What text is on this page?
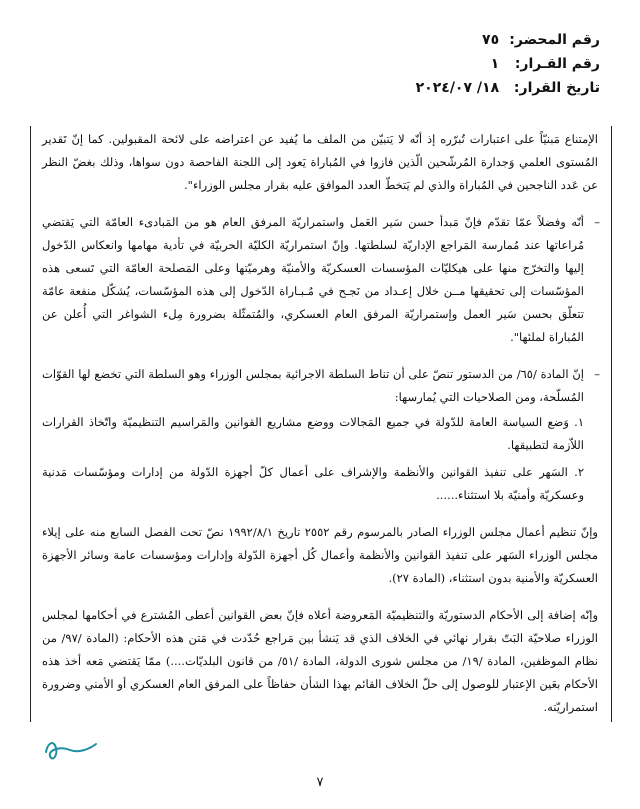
رقم المحضر: ٧٥
رقم القـرار: ١
تاريخ القرار: ١٨/ ٢٠٢٤/٠٧

الإمتناع مَبنيّاً على اعتبارات تُبرّره إذ أنّه لا يَتبيّن من الملف ما يُفيد عن اعتراضه على لائحة المقبولين. كما إنّ تَقدير المُستوى العلمي وَجدارة المُرشّحين الّذين فازوا في المُباراة يَعود إلى اللجنة الفاحصة دون سواها، وذلك بغضّ النظر عن عَدد الناجحين في المُباراة والذي لم يَتخطّ العدد الموافق عليه بقرار مجلس الوزراء".

– أنّه وفضلاً عمّا تقدّم فإنّ مَبدأ حسن سَير العَمل واستمراريّة المرفق العام هو من المَبادىء العامّة التي يَقتضي مُراعاتها عند مُمارسة المَراجع الإداريّة لسلطتها. وإنّ استمراريّة الكليّة الحربيّة في تأدية مهامها وانعكاس الدّخول إليها والتخرّج منها على هيكليّات المؤسسات العسكريّة والأمنيّة وهرميّتها وعلى المَصلحة العامّة التي تَسعى هذه المؤسّسات إلى تحقيقها مــن خلال إعـداد من نَجـح في مُـبـاراة الدّخول إلى هذه المؤسّسات، يُشكّل منفعة عامّة تتعلّق بحسن سَير العمل وإستمراريّة المرفق العام العسكري، والمُتمثّلة بضرورة مِلء الشواغر التي أُعلن عن المُباراة لملئها".

– إنّ المادة /٦٥/ من الدستور تنصّ على أن تناط السلطة الاجرائية بمجلس الوزراء وهو السلطة التي تخضع لها القوّات المُسلّحة، ومن الصلاحيات التي يُمارسها:

١. وَضع السياسة العامة للدّولة في جميع المَجالات ووضع مشاريع القوانين والمَراسيم التنظيميّة واتّخاذ القرارات اللاّزمة لتطبيقها.

٢. السَهر على تنفيذ القوانين والأنظمة والإشراف على أعمال كلّ أجهزة الدّولة من إدارات ومؤسّسات مَدنية وعسكريّة وأمنيّة بلا استثناء......

وإنّ تنظيم أعمال مجلس الوزراء الصادر بالمرسوم رقم ٢٥٥٢ تاريخ ١٩٩٢/٨/١ نصّ تحت الفصل السابع منه على إيلاء مجلس الوزراء السَهر على تنفيذ القوانين والأنظمة وأعمال كُل أجهزة الدّولة وإدارات ومؤسسات عامة وسائر الأجهزة العسكريّة والأمنية بدون استثناء، (المادة ٢٧).

وإنّه إضافة إلى الأحكام الدستوريّة والتنظيميّة المَعروضة أعلاه فإنّ بعض القوانين أعطى المُشترع في أحكامها لمجلس الوزراء صلاحيّة البَتّ بقرار نهائي في الخلاف الذي قد يَنشأ بين مَراجع حُدّدت في مَتن هذه الأحكام: (المادة /٩٧/ من نظام الموظفين، المادة /١٩/ من مجلس شورى الدولة، المادة /٥١/ من قانون البلديّات....) ممّا يَقتضي مَعه أخذ هذه الأحكام بعَين الإعتبار للوصول إلى حلّ الخلاف القائم بهذا الشأن حفاظاً على المرفق العام العسكري أو الأمني وضرورة استمراريّته.

٧
